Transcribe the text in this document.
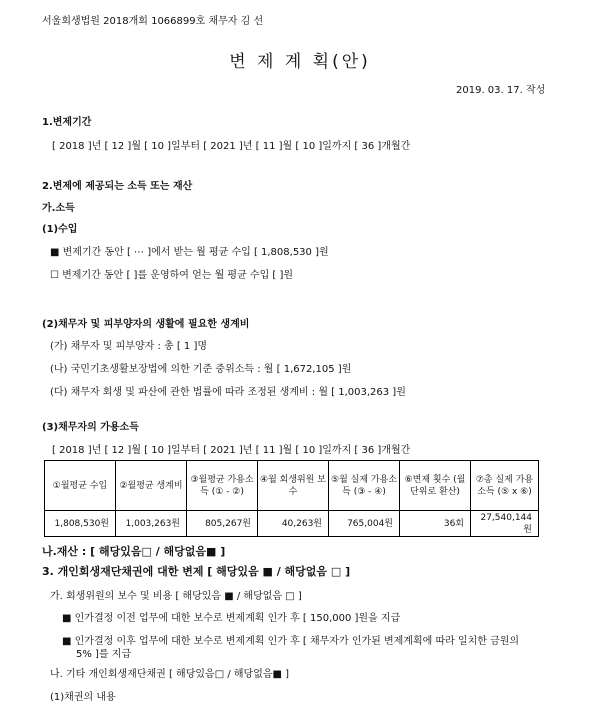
서울회생법원 2018개회 1066899호 채무자 김 선
변 제 계 획(안)
2019. 03. 17. 작성
1.변제기간
[ 2018 ]년 [ 12 ]월 [ 10 ]일부터 [ 2021 ]년 [ 11 ]월 [ 10 ]일까지 [ 36 ]개월간
2.변제에 제공되는 소득 또는 재산
가.소득
(1)수입
■ 변제기간 동안 [ ⋯ ]에서 받는 월 평균 수입 [ 1,808,530 ]원
☐ 변제기간 동안 [ ]를 운영하여 얻는 월 평균 수입 [ ]원
(2)채무자 및 피부양자의 생활에 필요한 생계비
(가) 채무자 및 피부양자 : 총 [ 1 ]명
(나) 국민기초생활보장법에 의한 기준 중위소득 : 월 [ 1,672,105 ]원
(다) 채무자 회생 및 파산에 관한 법률에 따라 조정된 생계비 : 월 [ 1,003,263 ]원
(3)채무자의 가용소득
[ 2018 ]년 [ 12 ]월 [ 10 ]일부터 [ 2021 ]년 [ 11 ]월 [ 10 ]일까지 [ 36 ]개월간
①월평균 수입	②월평균 생계비	③월평균 가용소득 (① - ②)	④월 회생위원 보수	⑤월 실제 가용소득 (③ - ④)	⑥변제 횟수 (월 단위로 환산)	⑦총 실제 가용소득 (⑤ x ⑥)
1,808,530원	1,003,263원	805,267원	40,263원	765,004원	36회	27,540,144원
나.재산 : [ 해당있음□ / 해당없음■ ]
3. 개인회생재단채권에 대한 변제 [ 해당있음 ■ / 해당없음 □ ]
가. 회생위원의 보수 및 비용 [ 해당있음 ■ / 해당없음 □ ]
■ 인가결정 이전 업무에 대한 보수로 변제계획 인가 후 [ 150,000 ]원을 지급
■ 인가결정 이후 업무에 대한 보수로 변제계획 인가 후 [ 채무자가 인가된 변제계획에 따라 일치한 금원의
5% ]를 지급
나. 기타 개인회생재단채권 [ 해당있음□ / 해당없음■ ]
(1)채권의 내용
